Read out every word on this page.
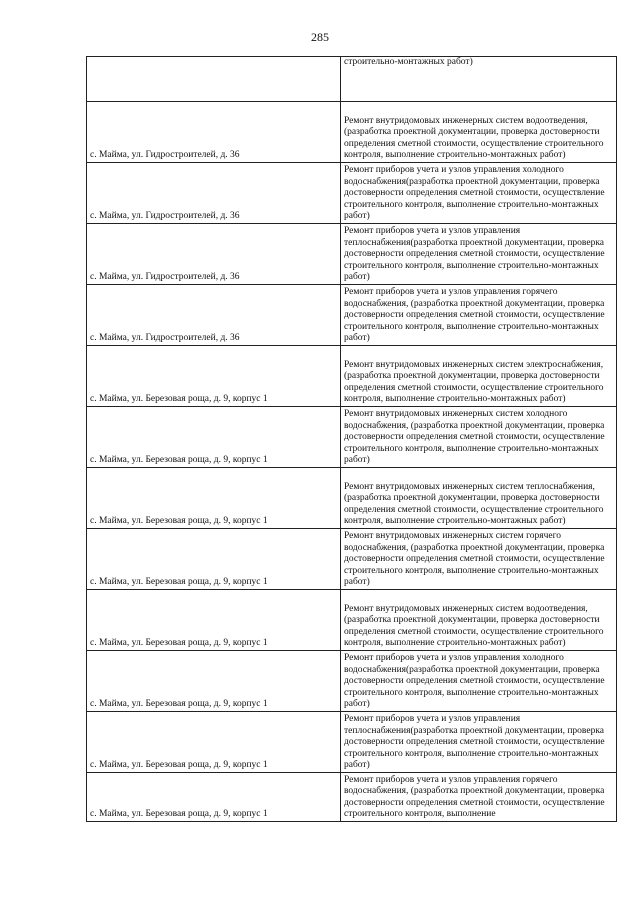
285

	строительно-монтажных работ)

с. Майма, ул. Гидростроителей, д. 36	Ремонт внутридомовых инженерных систем водоотведения, (разработка проектной документации, проверка достоверности определения сметной стоимости, осуществление строительного контроля, выполнение строительно-монтажных работ)

с. Майма, ул. Гидростроителей, д. 36	Ремонт приборов учета и узлов управления холодного водоснабжения(разработка проектной документации, проверка достоверности определения сметной стоимости, осуществление строительного контроля, выполнение строительно-монтажных работ)

с. Майма, ул. Гидростроителей, д. 36	Ремонт приборов учета и узлов управления теплоснабжения(разработка проектной документации, проверка достоверности определения сметной стоимости, осуществление строительного контроля, выполнение строительно-монтажных работ)

с. Майма, ул. Гидростроителей, д. 36	Ремонт приборов учета и узлов управления горячего водоснабжения, (разработка проектной документации, проверка достоверности определения сметной стоимости, осуществление строительного контроля, выполнение строительно-монтажных работ)

с. Майма, ул. Березовая роща, д. 9, корпус 1	Ремонт внутридомовых инженерных систем электроснабжения, (разработка проектной документации, проверка достоверности определения сметной стоимости, осуществление строительного контроля, выполнение строительно-монтажных работ)

с. Майма, ул. Березовая роща, д. 9, корпус 1	Ремонт внутридомовых инженерных систем холодного водоснабжения, (разработка проектной документации, проверка достоверности определения сметной стоимости, осуществление строительного контроля, выполнение строительно-монтажных работ)

с. Майма, ул. Березовая роща, д. 9, корпус 1	Ремонт внутридомовых инженерных систем теплоснабжения, (разработка проектной документации, проверка достоверности определения сметной стоимости, осуществление строительного контроля, выполнение строительно-монтажных работ)

с. Майма, ул. Березовая роща, д. 9, корпус 1	Ремонт внутридомовых инженерных систем горячего водоснабжения, (разработка проектной документации, проверка достоверности определения сметной стоимости, осуществление строительного контроля, выполнение строительно-монтажных работ)

с. Майма, ул. Березовая роща, д. 9, корпус 1	Ремонт внутридомовых инженерных систем водоотведения, (разработка проектной документации, проверка достоверности определения сметной стоимости, осуществление строительного контроля, выполнение строительно-монтажных работ)

с. Майма, ул. Березовая роща, д. 9, корпус 1	Ремонт приборов учета и узлов управления холодного водоснабжения(разработка проектной документации, проверка достоверности определения сметной стоимости, осуществление строительного контроля, выполнение строительно-монтажных работ)

с. Майма, ул. Березовая роща, д. 9, корпус 1	Ремонт приборов учета и узлов управления теплоснабжения(разработка проектной документации, проверка достоверности определения сметной стоимости, осуществление строительного контроля, выполнение строительно-монтажных работ)

с. Майма, ул. Березовая роща, д. 9, корпус 1	Ремонт приборов учета и узлов управления горячего водоснабжения, (разработка проектной документации, проверка достоверности определения сметной стоимости, осуществление строительного контроля, выполнение
